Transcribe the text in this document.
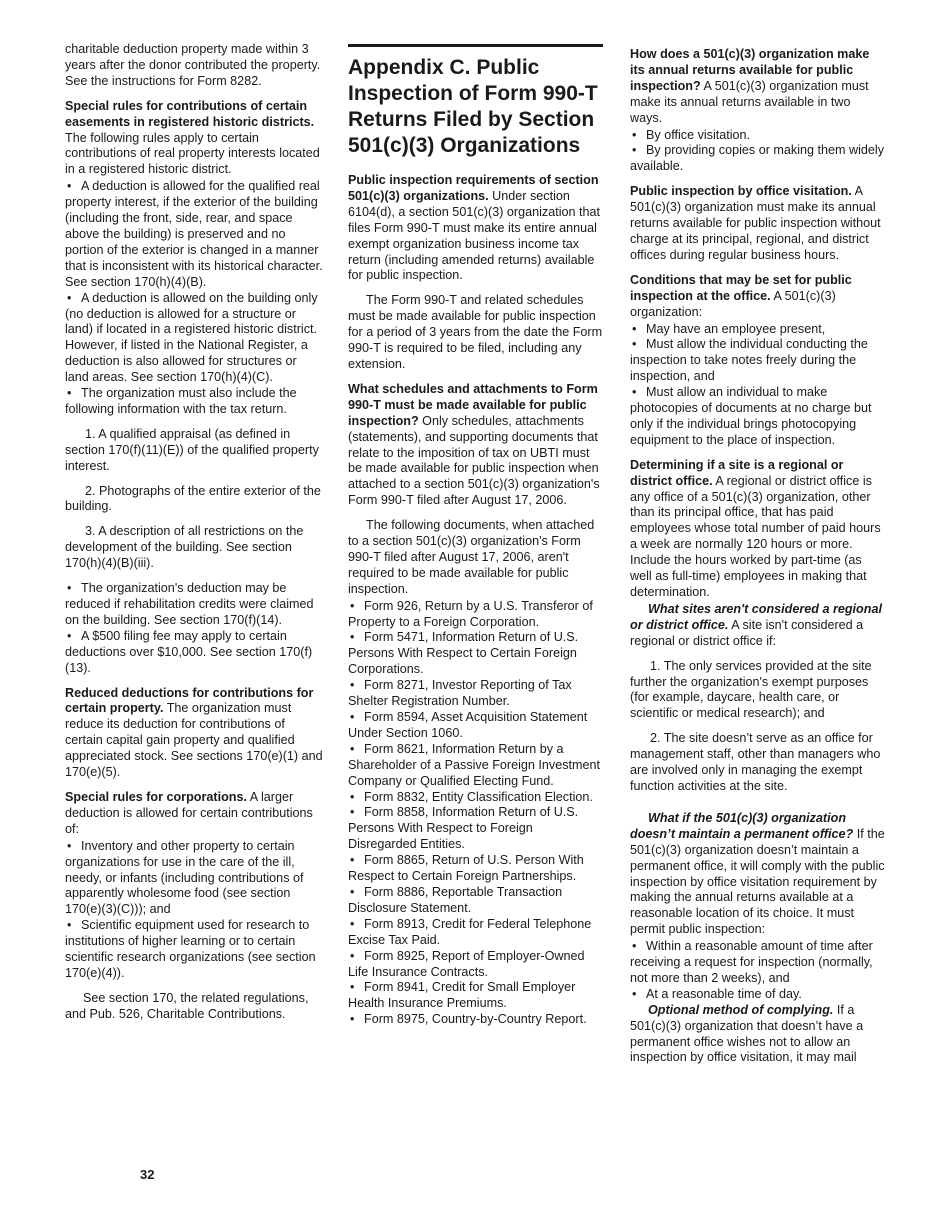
charitable deduction property made within 3 years after the donor contributed the property. See the instructions for Form 8282.

Special rules for contributions of certain easements in registered historic districts. The following rules apply to certain contributions of real property interests located in a registered historic district.

• A deduction is allowed for the qualified real property interest, if the exterior of the building (including the front, side, rear, and space above the building) is preserved and no portion of the exterior is changed in a manner that is inconsistent with its historical character. See section 170(h)(4)(B).

• A deduction is allowed on the building only (no deduction is allowed for a structure or land) if located in a registered historic district. However, if listed in the National Register, a deduction is also allowed for structures or land areas. See section 170(h)(4)(C).

• The organization must also include the following information with the tax return.

1. A qualified appraisal (as defined in section 170(f)(11)(E)) of the qualified property interest.

2. Photographs of the entire exterior of the building.

3. A description of all restrictions on the development of the building. See section 170(h)(4)(B)(iii).

• The organization's deduction may be reduced if rehabilitation credits were claimed on the building. See section 170(f)(14).

• A $500 filing fee may apply to certain deductions over $10,000. See section 170(f)(13).

Reduced deductions for contributions for certain property. The organization must reduce its deduction for contributions of certain capital gain property and qualified appreciated stock. See sections 170(e)(1) and 170(e)(5).

Special rules for corporations. A larger deduction is allowed for certain contributions of:

• Inventory and other property to certain organizations for use in the care of the ill, needy, or infants (including contributions of apparently wholesome food (see section 170(e)(3)(C))); and

• Scientific equipment used for research to institutions of higher learning or to certain scientific research organizations (see section 170(e)(4)).

See section 170, the related regulations, and Pub. 526, Charitable Contributions.

Appendix C. Public Inspection of Form 990-T Returns Filed by Section 501(c)(3) Organizations

Public inspection requirements of section 501(c)(3) organizations. Under section 6104(d), a section 501(c)(3) organization that files Form 990-T must make its entire annual exempt organization business income tax return (including amended returns) available for public inspection.

The Form 990-T and related schedules must be made available for public inspection for a period of 3 years from the date the Form 990-T is required to be filed, including any extension.

What schedules and attachments to Form 990-T must be made available for public inspection? Only schedules, attachments (statements), and supporting documents that relate to the imposition of tax on UBTI must be made available for public inspection when attached to a section 501(c)(3) organization's Form 990-T filed after August 17, 2006.

The following documents, when attached to a section 501(c)(3) organization's Form 990-T filed after August 17, 2006, aren't required to be made available for public inspection.

• Form 926, Return by a U.S. Transferor of Property to a Foreign Corporation.

• Form 5471, Information Return of U.S. Persons With Respect to Certain Foreign Corporations.

• Form 8271, Investor Reporting of Tax Shelter Registration Number.

• Form 8594, Asset Acquisition Statement Under Section 1060.

• Form 8621, Information Return by a Shareholder of a Passive Foreign Investment Company or Qualified Electing Fund.

• Form 8832, Entity Classification Election.

• Form 8858, Information Return of U.S. Persons With Respect to Foreign Disregarded Entities.

• Form 8865, Return of U.S. Person With Respect to Certain Foreign Partnerships.

• Form 8886, Reportable Transaction Disclosure Statement.

• Form 8913, Credit for Federal Telephone Excise Tax Paid.

• Form 8925, Report of Employer-Owned Life Insurance Contracts.

• Form 8941, Credit for Small Employer Health Insurance Premiums.

• Form 8975, Country-by-Country Report.

How does a 501(c)(3) organization make its annual returns available for public inspection? A 501(c)(3) organization must make its annual returns available in two ways.

• By office visitation.

• By providing copies or making them widely available.

Public inspection by office visitation. A 501(c)(3) organization must make its annual returns available for public inspection without charge at its principal, regional, and district offices during regular business hours.

Conditions that may be set for public inspection at the office. A 501(c)(3) organization:

• May have an employee present,

• Must allow the individual conducting the inspection to take notes freely during the inspection, and

• Must allow an individual to make photocopies of documents at no charge but only if the individual brings photocopying equipment to the place of inspection.

Determining if a site is a regional or district office. A regional or district office is any office of a 501(c)(3) organization, other than its principal office, that has paid employees whose total number of paid hours a week are normally 120 hours or more. Include the hours worked by part-time (as well as full-time) employees in making that determination.

What sites aren't considered a regional or district office. A site isn't considered a regional or district office if:

1. The only services provided at the site further the organization's exempt purposes (for example, daycare, health care, or scientific or medical research); and

2. The site doesn’t serve as an office for management staff, other than managers who are involved only in managing the exempt function activities at the site.

What if the 501(c)(3) organization doesn’t maintain a permanent office? If the 501(c)(3) organization doesn’t maintain a permanent office, it will comply with the public inspection by office visitation requirement by making the annual returns available at a reasonable location of its choice. It must permit public inspection:

• Within a reasonable amount of time after receiving a request for inspection (normally, not more than 2 weeks), and

• At a reasonable time of day.

Optional method of complying. If a 501(c)(3) organization that doesn’t have a permanent office wishes not to allow an inspection by office visitation, it may mail

32
